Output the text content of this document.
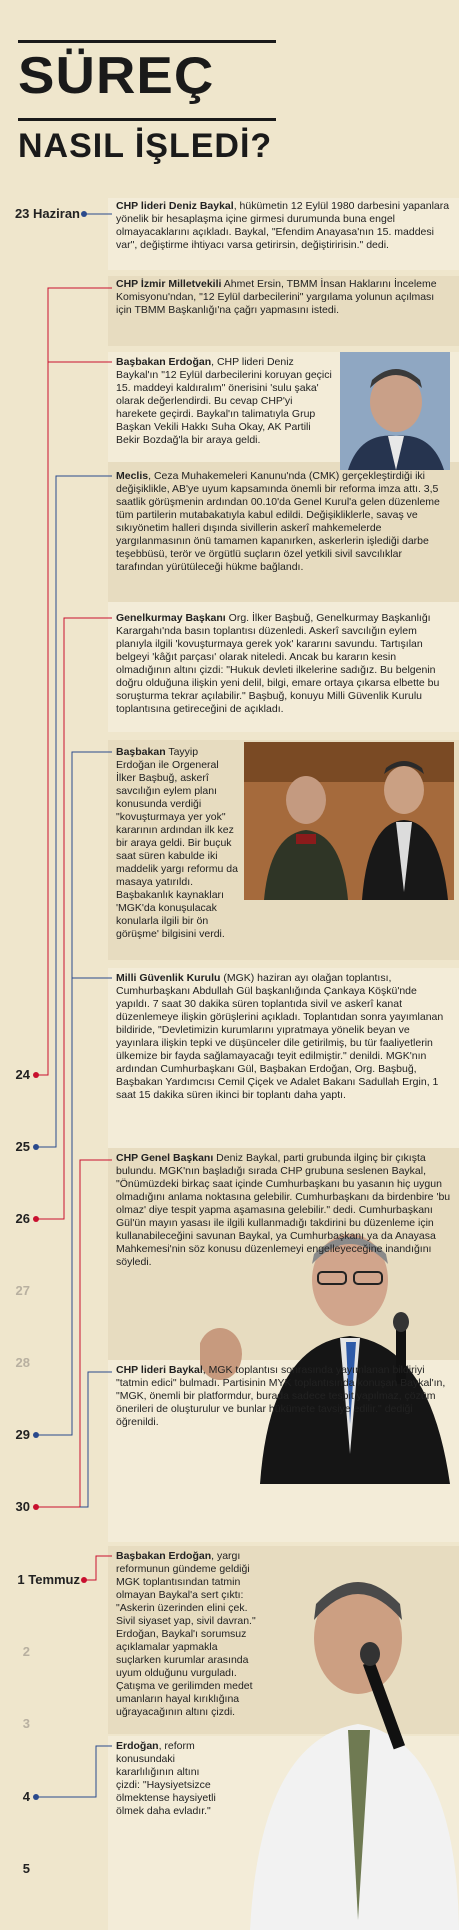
SÜREÇ
NASIL İŞLEDİ?
23 Haziran
24
25
26
27
28
29
30
1 Temmuz
2
3
4
5
CHP lideri Deniz Baykal, hükümetin 12 Eylül 1980 darbesini yapanlara yönelik bir hesaplaşma içine girmesi durumunda buna engel olmayacaklarını açıkladı. Baykal, "Efendim Anayasa'nın 15. maddesi var", değiştirme ihtiyacı varsa getirirsin, değiştiririsin." dedi.
CHP İzmir Milletvekili Ahmet Ersin, TBMM İnsan Haklarını İnceleme Komisyonu'ndan, "12 Eylül darbecilerini" yargılama yolunun açılması için TBMM Başkanlığı'na çağrı yapmasını istedi.
Başbakan Erdoğan, CHP lideri Deniz Baykal'ın "12 Eylül darbecilerini koruyan geçici 15. maddeyi kaldıralım" önerisini 'sulu şaka' olarak değerlendirdi. Bu cevap CHP'yi harekete geçirdi. Baykal'ın talimatıyla Grup Başkan Vekili Hakkı Suha Okay, AK Partili Bekir Bozdağ'la bir araya geldi.
Meclis, Ceza Muhakemeleri Kanunu'nda (CMK) gerçekleştirdiği iki değişiklikle, AB'ye uyum kapsamında önemli bir reforma imza attı. 3,5 saatlik görüşmenin ardından 00.10'da Genel Kurul'a gelen düzenleme tüm partilerin mutabakatıyla kabul edildi. Değişikliklerle, savaş ve sıkıyönetim halleri dışında sivillerin askerî mahkemelerde yargılanmasının önü tamamen kapanırken, askerlerin işlediği darbe teşebbüsü, terör ve örgütlü suçların özel yetkili sivil savcılıklar tarafından yürütüleceği hükme bağlandı.
Genelkurmay Başkanı Org. İlker Başbuğ, Genelkurmay Başkanlığı Karargahı'nda basın toplantısı düzenledi. Askerî savcılığın eylem planıyla ilgili 'kovuşturmaya gerek yok' kararını savundu. Tartışılan belgeyi 'kâğıt parçası' olarak niteledi. Ancak bu kararın kesin olmadığının altını çizdi: "Hukuk devleti ilkelerine sadığız. Bu belgenin doğru olduğuna ilişkin yeni delil, bilgi, emare ortaya çıkarsa elbette bu soruşturma tekrar açılabilir." Başbuğ, konuyu Milli Güvenlik Kurulu toplantısına getireceğini de açıkladı.
Başbakan Tayyip Erdoğan ile Orgeneral İlker Başbuğ, askerî savcılığın eylem planı konusunda verdiği "kovuşturmaya yer yok" kararının ardından ilk kez bir araya geldi. Bir buçuk saat süren kabulde iki maddelik yargı reformu da masaya yatırıldı. Başbakanlık kaynakları 'MGK'da konuşulacak konularla ilgili bir ön görüşme' bilgisini verdi.
Milli Güvenlik Kurulu (MGK) haziran ayı olağan toplantısı, Cumhurbaşkanı Abdullah Gül başkanlığında Çankaya Köşkü'nde yapıldı. 7 saat 30 dakika süren toplantıda sivil ve askerî kanat düzenlemeye ilişkin görüşlerini açıkladı. Toplantıdan sonra yayımlanan bildiride, "Devletimizin kurumlarını yıpratmaya yönelik beyan ve yayınlara ilişkin tepki ve düşünceler dile getirilmiş, bu tür faaliyetlerin ülkemize bir fayda sağlamayacağı teyit edilmiştir." denildi. MGK'nın ardından Cumhurbaşkanı Gül, Başbakan Erdoğan, Org. Başbuğ, Başbakan Yardımcısı Cemil Çiçek ve Adalet Bakanı Sadullah Ergin, 1 saat 15 dakika süren ikinci bir toplantı daha yaptı.
CHP Genel Başkanı Deniz Baykal, parti grubunda ilginç bir çıkışta bulundu. MGK'nın başladığı sırada CHP grubuna seslenen Baykal, "Önümüzdeki birkaç saat içinde Cumhurbaşkanı bu yasanın hiç uygun olmadığını anlama noktasına gelebilir. Cumhurbaşkanı da birdenbire 'bu olmaz' diye tespit yapma aşamasına gelebilir." dedi. Cumhurbaşkanı Gül'ün mayın yasası ile ilgili kullanmadığı takdirini bu düzenleme için kullanabileceğini savunan Baykal, ya Cumhurbaşkanı ya da Anayasa Mahkemesi'nin söz konusu düzenlemeyi engelleyeceğine inandığını söyledi.
CHP lideri Baykal, MGK toplantısı sonrasında yayımlanan bildiriyi "tatmin edici" bulmadı. Partisinin MYK toplantısında konuşan Baykal'ın, "MGK, önemli bir platformdur, burada sadece tespit yapılmaz, çözüm önerileri de oluşturulur ve bunlar hükümete tavsiye edilir." dediği öğrenildi.
Başbakan Erdoğan, yargı reformunun gündeme geldiği MGK toplantısından tatmin olmayan Baykal'a sert çıktı: "Askerin üzerinden elini çek. Sivil siyaset yap, sivil davran." Erdoğan, Baykal'ı sorumsuz açıklamalar yapmakla suçlarken kurumlar arasında uyum olduğunu vurguladı. Çatışma ve gerilimden medet umanların hayal kırıklığına uğrayacağının altını çizdi.
Erdoğan, reform konusundaki kararlılığının altını çizdi: "Haysiyetsizce ölmektense haysiyetli ölmek daha evladır."
